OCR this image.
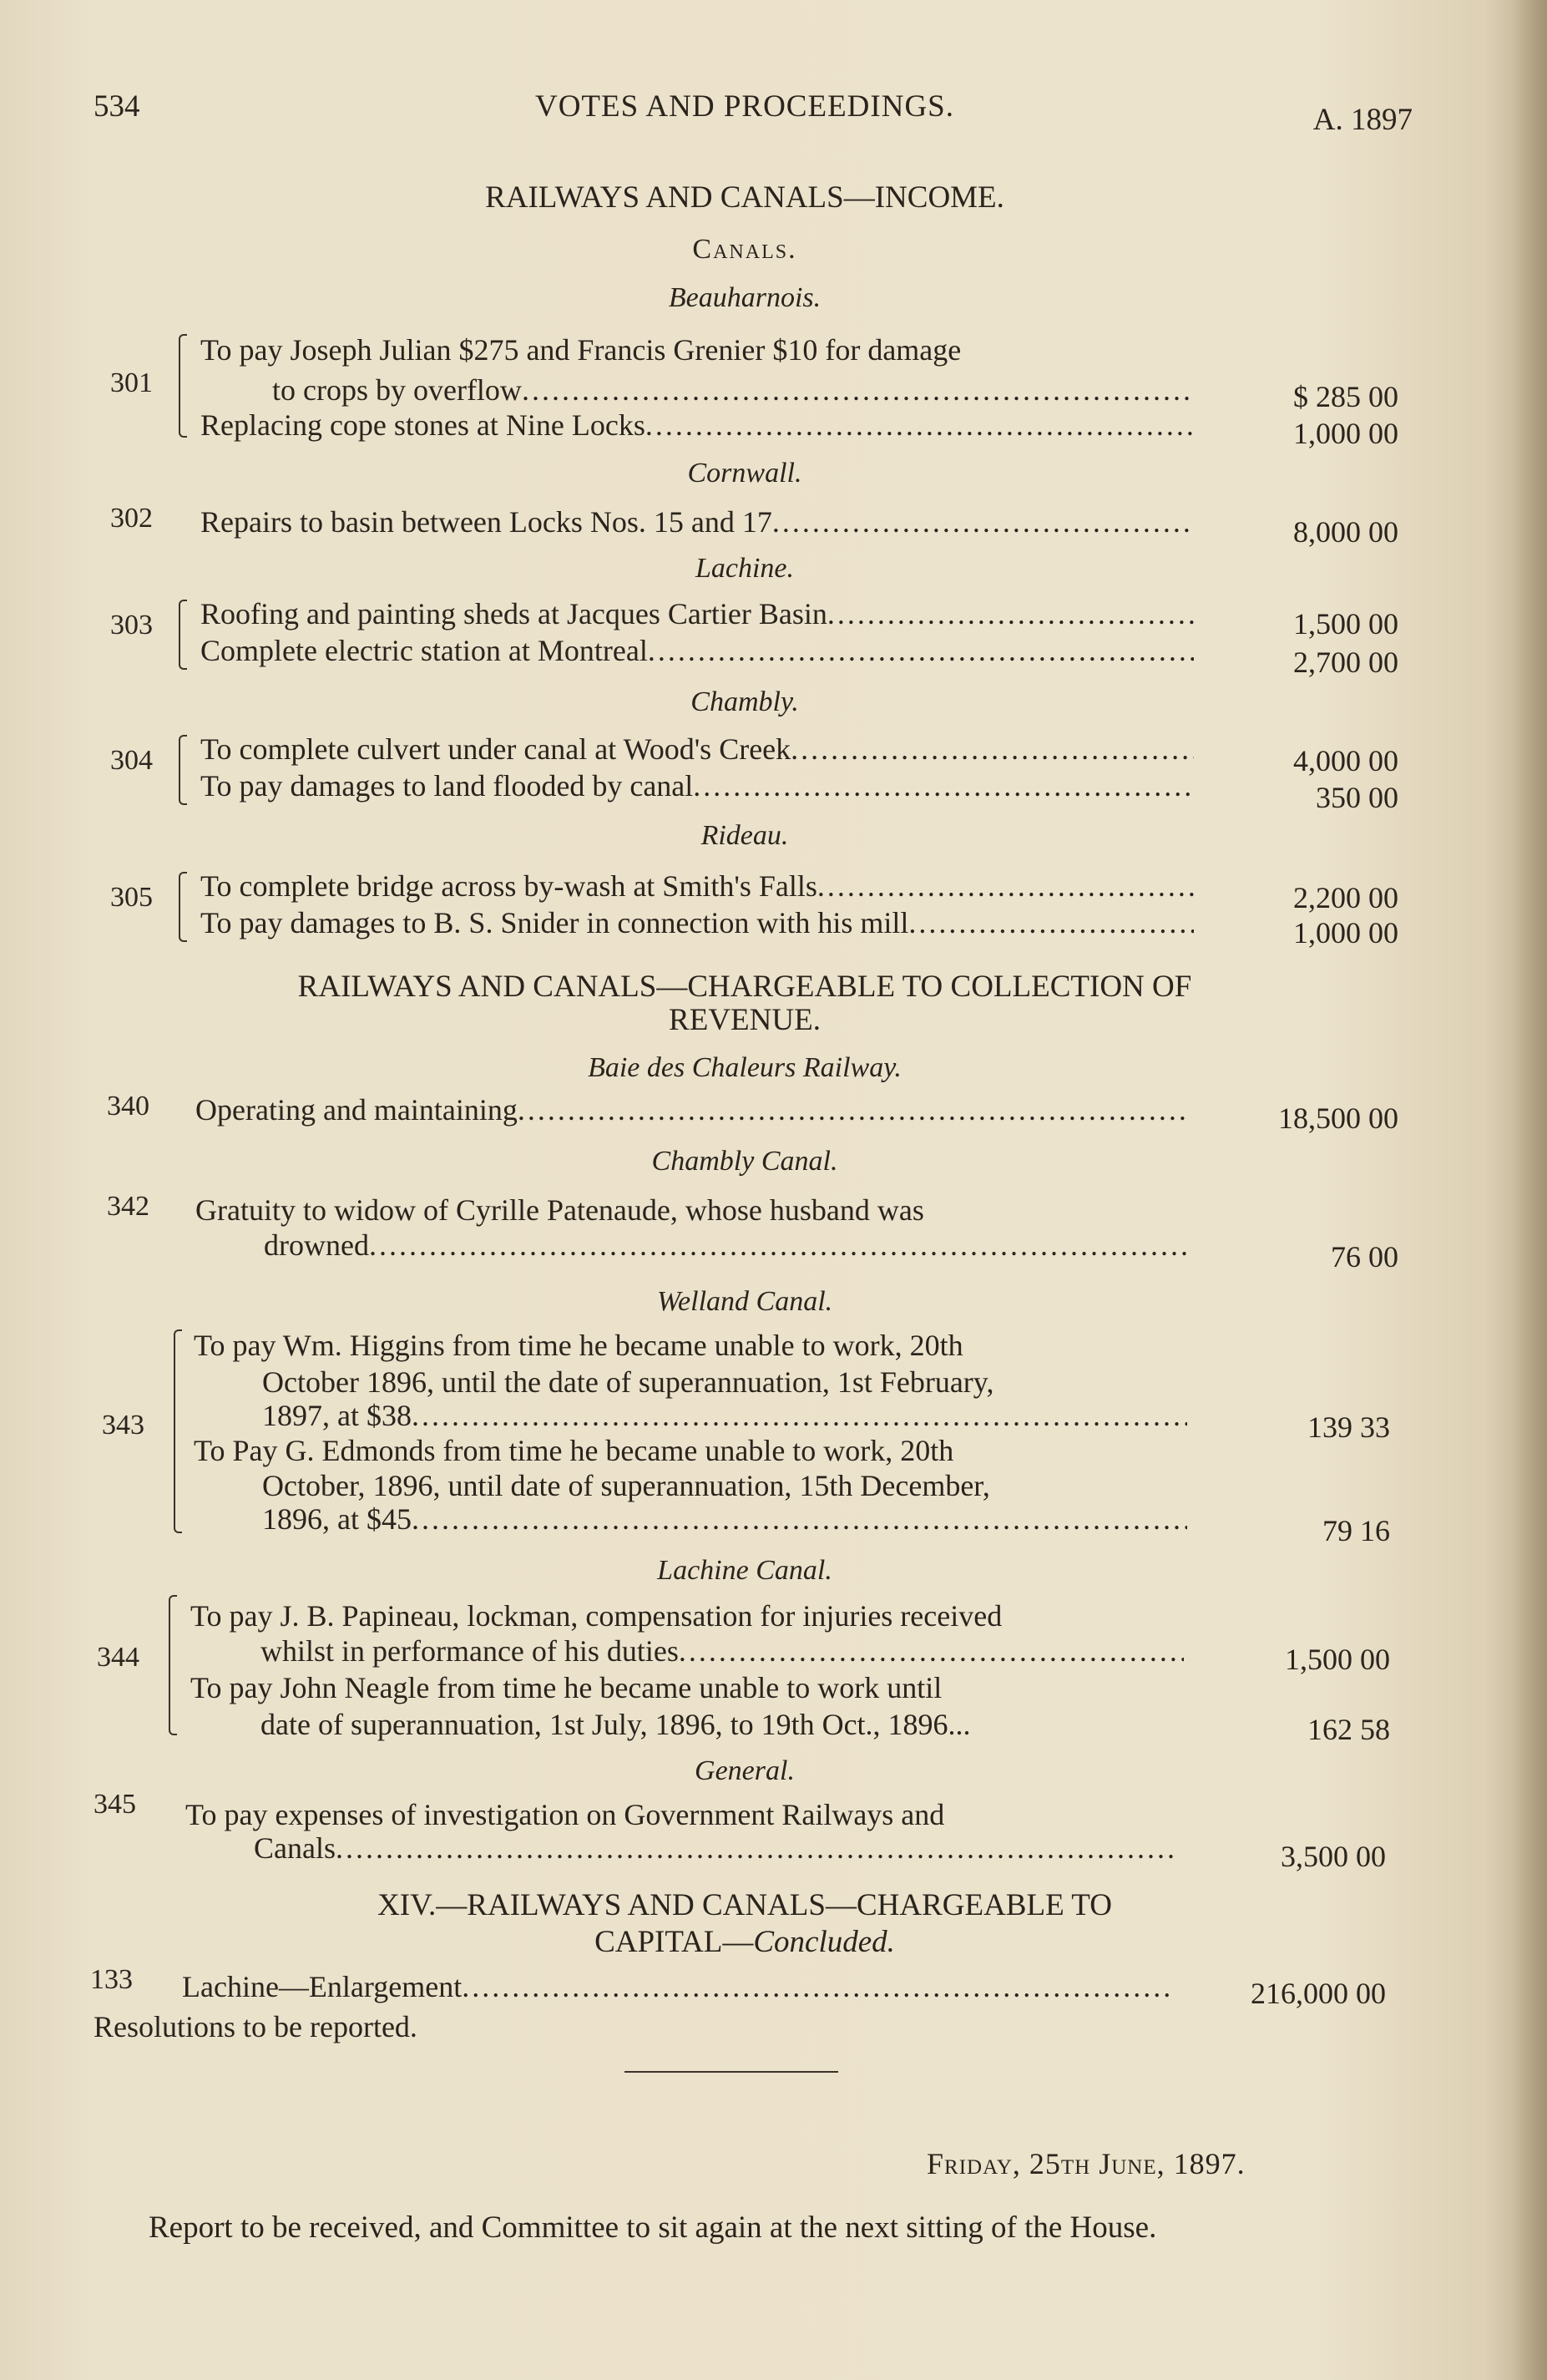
534	VOTES AND PROCEEDINGS.	A. 1897
RAILWAYS AND CANALS—INCOME.
Canals.
Beauharnois.
301
To pay Joseph Julian $275 and Francis Grenier $10 for damage
to crops by overflow .....	$ 285 00
Replacing cope stones at Nine Locks .....	1,000 00
Cornwall.
302 Repairs to basin between Locks Nos. 15 and 17 .....	8,000 00
Lachine.
303 Roofing and painting sheds at Jacques Cartier Basin .....	1,500 00
Complete electric station at Montreal .....	2,700 00
Chambly.
304 To complete culvert under canal at Wood's Creek .....	4,000 00
To pay damages to land flooded by canal .....	350 00
Rideau.
305 To complete bridge across by-wash at Smith's Falls .....	2,200 00
To pay damages to B. S. Snider in connection with his mill .....	1,000 00
RAILWAYS AND CANALS—CHARGEABLE TO COLLECTION OF
REVENUE.
Baie des Chaleurs Railway.
340 Operating and maintaining .....	18,500 00
Chambly Canal.
342 Gratuity to widow of Cyrille Patenaude, whose husband was
drowned .....	76 00
Welland Canal.
343
To pay Wm. Higgins from time he became unable to work, 20th
October 1896, until the date of superannuation, 1st February,
1897, at $38 .....	139 33
To Pay G. Edmonds from time he became unable to work, 20th
October, 1896, until date of superannuation, 15th December,
1896, at $45 .....	79 16
Lachine Canal.
344
To pay J. B. Papineau, lockman, compensation for injuries received
whilst in performance of his duties .....	1,500 00
To pay John Neagle from time he became unable to work until
date of superannuation, 1st July, 1896, to 19th Oct., 1896...	162 58
General.
345 To pay expenses of investigation on Government Railways and
Canals .....	3,500 00
XIV.—RAILWAYS AND CANALS—CHARGEABLE TO
CAPITAL—Concluded.
133 Lachine—Enlargement .....	216,000 00
Resolutions to be reported.
Friday, 25th June, 1897.
Report to be received, and Committee to sit again at the next sitting of the House.
